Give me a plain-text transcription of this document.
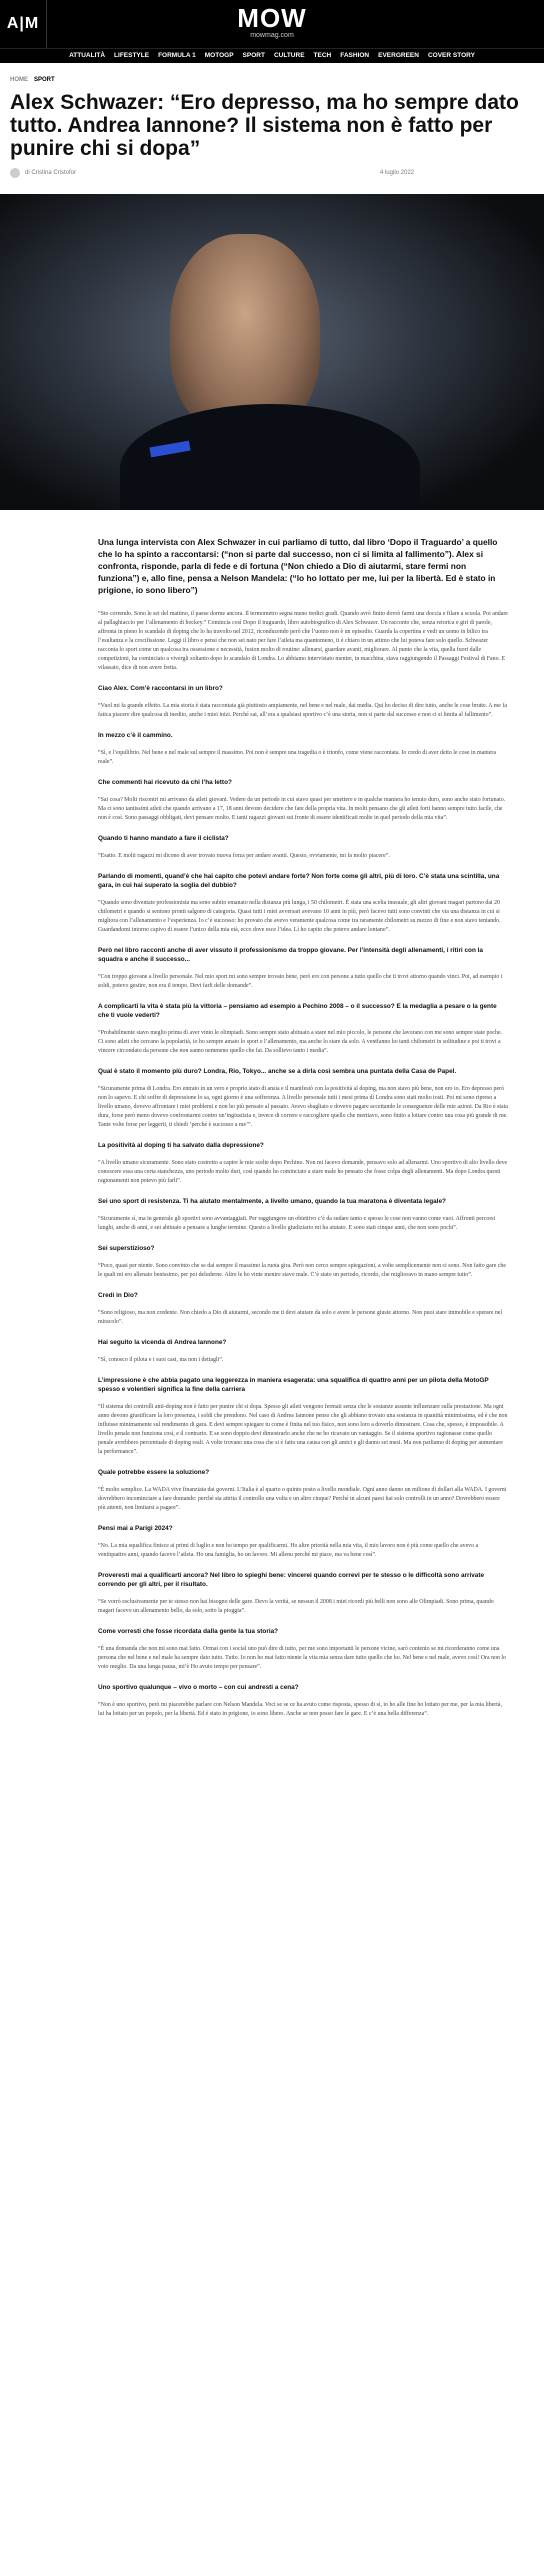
A|M	MOW
mowmag.com
ATTUALITÀ LIFESTYLE FORMULA 1 MOTOGP SPORT CULTURE TECH FASHION EVERGREEN COVER STORY
HOME SPORT
Alex Schwazer: “Ero depresso, ma ho sempre dato tutto. Andrea Iannone? Il sistema non è fatto per punire chi si dopa”
di Cristina Cristofor	4 luglio 2022

Una lunga intervista con Alex Schwazer in cui parliamo di tutto, dal libro ‘Dopo il Traguardo’ a quello che lo ha spinto a raccontarsi: (“non si parte dal successo, non ci si limita al fallimento”). Alex si confronta, risponde, parla di fede e di fortuna (“Non chiedo a Dio di aiutarmi, stare fermi non funziona”) e, allo fine, pensa a Nelson Mandela: (“lo ho lottato per me, lui per la libertà. Ed è stato in prigione, io sono libero”)

“Sto correndo. Sono le sei del mattino, il paese dorme ancora. Il termometro segna meno tredici gradi. Quando avrò finito dovrò farmi una doccia e filare a scuola. Poi andare al pallaghiaccio per l’allenamento di hockey.” Comincia così Dopo il traguardo, libro autobiografico di Alex Schwazer. Un racconto che, senza retorica e giri di parole, affronta in pieno lo scandalo di doping che lo ha travolto nel 2012, riconducendo però che l’uomo non è un episodio. Guarda la copertina e vedi un uomo in bilico tra l’esultanza e la crocifissione. Leggi il libro e pensi che non sei nato per fare l’atleta ma quantomeno, ti è chiaro in un attimo che lui poteva fare solo quello. Schwazer racconta lo sport come un qualcosa tra ossessione e necessità, fusion molto di routine: allenarsi, guardare avanti, migliorare. Al punto che la vita, quella fuori dalle competizioni, ha cominciato a vivergli soltanto dopo lo scandalo di Londra. Lo abbiamo intervistato mentre, in macchina, stava raggiungendo il Passaggi Festival di Fano. E vilassato, dice di non avere fretta.

Ciao Alex. Com’è raccontarsi in un libro?

“Vuol mi fa grande effetto. La mia storia è stata raccontata già piuttosto ampiamente, nel bene e nel male, dai media. Qui ho deciso di dire tutto, anche le cose brutte. A me fa fatica piacere dire qualcosa di inedito, anche i miei inizi. Perché sai, all’ora a qualsiasi sportivo c’è una storia, non si parte dal successo e non ci si limita al fallimento”.

In mezzo c’è il cammino.

“Sì, e l’equilibrio. Nel bene e nel male sul sempre il massimo. Poi non è sempre una tragedia o è trionfo, come viene raccontata. Io credo di aver detto le cose in maniera reale”.

Che commenti hai ricevuto da chi l’ha letto?

“Sai cosa? Molti riscontri mi arrivano da atleti giovani. Vedere da un periodo in cui stavo quasi per smettere e in qualche maniera ho tenuto duro, sono anche stato fortunato. Ma ci sono tantissimi atleti che quando arrivano a 17, 18 anni devono decidere che fare della propria vita. In molti pensano che gli atleti forti hanno sempre tutto facile, che non è così. Sono passaggi obbligati, devi pensare molto. E tanti ragazzi giovani sui fronte di essere identificati molte in quel periodo della mia vita”.

Quando ti hanno mandato a fare il ciclista?

“Esatto. E molti ragazzi mi dicono di aver trovato nuova forza per andare avanti. Questo, ovviamente, mi fa molto piacere”.

Parlando di momenti, quand’è che hai capito che potevi andare forte? Non forte come gli altri, più di loro. C’è stata una scintilla, una gara, in cui hai superato la soglia del dubbio?

“Quando sono diventate professionista ma sono subito emanato nella distanza più lunga, i 50 chilometri. È stata una scelta inusuale, gli altri giovani magari partono dai 20 chilometri e quando si sentono pronti salgono di categoria. Quasi tutti i miei avversari avevano 10 anni in più, però facevo tutti sono convinti che via una distanza in cui si migliora con l’allenamento e l’esperienza. Io c’è successo: ho provato che avevo veramente qualcosa come tra raramente chilometri su mezzo di fine e non stavo tentando. Guardandomi intorno capivo di essere l’unico della mia età, ecco dove esce l’idea. Lì ho capito che potevo andare lontano”.

Però nel libro racconti anche di aver vissuto il professionismo da troppo giovane. Per l’intensità degli allenamenti, i ritiri con la squadra e anche il successo...

“Con troppo giovane a livello personale. Nel mio sport mi sono sempre trovato bene, però ero con persone a tutto quello che ti trovi attorno quando vinci. Poi, ad esempio i soldi, potevo gestire, non era il tempo. Devi farli delle domande”.

A complicarti la vita è stata più la vittoria – pensiamo ad esempio a Pechino 2008 – o il successo? E la medaglia a pesare o la gente che ti vuole vederti?

“Probabilmente stavo meglio prima di aver vinto le olimpiadi. Sono sempre stato abituato a stare nel mio piccolo, le persone che lavorano con me sono sempre state poche. Ci sono atleti che cercano la popolarità, io ho sempre amato lo sport e l’allenamento, ma anche lo stare da solo. A ventfanno ho tanti chilometri in solitudine e poi ti trovi a vincere circondato da persone che non sanno nemmeno quello che fai. Da sollievo tanto i media”.

Qual è stato il momento più duro? Londra, Rio, Tokyo... anche se a dirla così sembra una puntata della Casa de Papel.

“Sicuramente prima di Londra. Ero entrato in un vero e proprio stato di ansia e il manifestò con la positività al doping, ma non stavo più bene, non ero io. Ero depresso però non lo sapevo. E chi soffre di depressione lo sa, ogni giorno è una sofferenza. A livello personale tutti i mesi prima di Londra sono stati molto tosti. Poi mi sono ripreso a livello umano, dovevo affrontare i miei problemi e non ho più pensato al passato. Avevo sbagliato e dovevo pagare accettando le conseguenze delle mie azioni. Da Rio è stata dura, forse però meno dovevo confrontarmi contro un’ingiustizia e, invece di correre e raccogliere quello che meritavo, sono finito a lottare contro una cosa più grande di me. Tante volte forse per leggerti, ti chiedi ‘perché è successo a me’”.

La positività al doping ti ha salvato dalla depressione?

“A livello umano sicuramente. Sono stato costretto a capire le mie scelte dopo Pechino. Non mi facevo domande, pensavo solo ad allenarmi. Uno sportivo di alto livello deve conoscere essa una certa stanchezza, uno periodo molto duri, così quando ho cominciato a stare male ho pensato che fosse colpa degli allenamenti. Ma dopo Londra questi ragionamenti non potevo più farli”.

Sei uno sport di resistenza. Ti ha aiutato mentalmente, a livello umano, quando la tua maratona è diventata legale?

“Sicuramente sì, ma in generale gli sportivi sono avvantaggiati. Per raggiungere un obiettivo c’è da sudare tanto e spesso le cose non vanno come vuoi. Affronti percorsi lunghi, anche di anni, e sei abituato a pensare a lunghe termine. Questo a livello giudiziario mi ha aiutato. E sono stati cinque anni, che non sono pochi”.

Sei superstizioso?

“Poco, quasi per niente. Sono convinto che se dai sempre il massimo la ruota gira. Però non cerco sempre spiegazioni, a volte semplicemente non ci sono. Non fatto gare che le quali mi ero allenato benissimo, per poi deluderne. Altre le ho vinte mentre stavo male. C’è stato un periodo, ricordo, che miglioravo in mano sempre tutto”.

Credi in Dio?

“Sono religioso, ma non credente. Non chiedo a Dio di aiutarmi, secondo me ti devi aiutare da solo e avere le persone giuste attorno. Non puoi stare immobile e sperare nel miracolo”.

Hai seguito la vicenda di Andrea Iannone?

“Sì, conosco il pilota e i suoi casi, ma non i dettagli”.

L’impressione è che abbia pagato una leggerezza in maniera esagerata: una squalifica di quattro anni per un pilota della MotoGP spesso e volentieri significa la fine della carriera

“Il sistema dei controlli anti-doping non è fatto per punire chi si dopa. Spesso gli atleti vengono fermati senza che le sostanze assunte influenzare sulla prestazione. Ma ogni anno devono giustificare la loro presenza, i soldi che prendono. Nel caso di Andrea Iannone penso che gli abbiano trovato una sostanza in quantità minimissima, ed è che non influisse minimamente sul rendimento di gara. E devi sempre spiegare tu come è finita nel tuo fisico, non sono loro a doverlo dimostrare. Cosa che, spesso, è impossibile. A livello penale non funziona così, e il contrario. E se sono doppio devi dimostrarlo anche che ne ho ricavato un vantaggio. Se il sistema sportivo ragionasse come quello penale avrebbero percentuale di doping reali. A volte trovano una cosa che si è fatto una causa con gli amici e gli danno sei mesi. Ma non parliamo di doping per aumentare la performance”.

Quale potrebbe essere la soluzione?

“È molto semplice. La WADA vive finanziata dai governi. L’Italia è al quarto o quinto posto a livello mondiale. Ogni anno danno un milione di dollari alla WADA. I governi dovrebbero incominciare a fare domande: perché sta attrita il controllo una volta e un altro cinque? Perché in alcuni paesi hai solo controlli in un anno? Dovrebbero essere più attenti, non limitarsi a pagare”.

Pensi mai a Parigi 2024?

“No. La mia squalifica finisce ai primi di luglio e non ho tempo per qualificarmi. Ho altre priorità nella mia vita, il mio lavoro non è più come quello che avevo a ventiquattro anni, quando facevo l’atleta. Ho una famiglia, ho un lavoro. Mi allenu perché mi piace, ma va bene così”.

Proveresti mai a qualificarti ancora? Nel libro lo spieghi bene: vincerei quando correvi per te stesso o le difficoltà sono arrivate correndo per gli altri, per il risultato.

“Se vorrò esclusivamente per te stesso non hai bisogno delle gare. Devo la verità, se nessun il 2008 i miei ricordi più belli non sono alle Olimpiadi. Sono prima, quando magari facevo un allenamento bello, da solo, sotto la pioggia”.

Come vorresti che fosse ricordata dalla gente la tua storia?

“È una domanda che non mi sono mai fatto. Ormai con i social uno può dire di tutto, per me sono importanti le persone vicine, sarò contento se mi ricorderanno come una persona che nel bene e nel male ha sempre dato tutto. Tutto. Io non ho mai fatto niente la vita mia senza dare tutto quello che ho. Nel bene e nel male, avevo così! Ora non lo voto meglio. Da una lunga pausa, mi’è Ho avuto tempo per pensare”.

Uno sportivo qualunque – vivo o morto – con cui andresti a cena?

“Non è uno sportivo, però mi piacerebbe parlare con Nelson Mandela. Voci se se ce ha avuto come risposta, spesso di sì, io ho alle fine ho lottato per me, per la mia libertà, lui ha lottato per un popolo, per la libertà. Ed è stato in prigione, io sono libero. Anche se non posso fare le gare. E c’è una bella differenza”.
